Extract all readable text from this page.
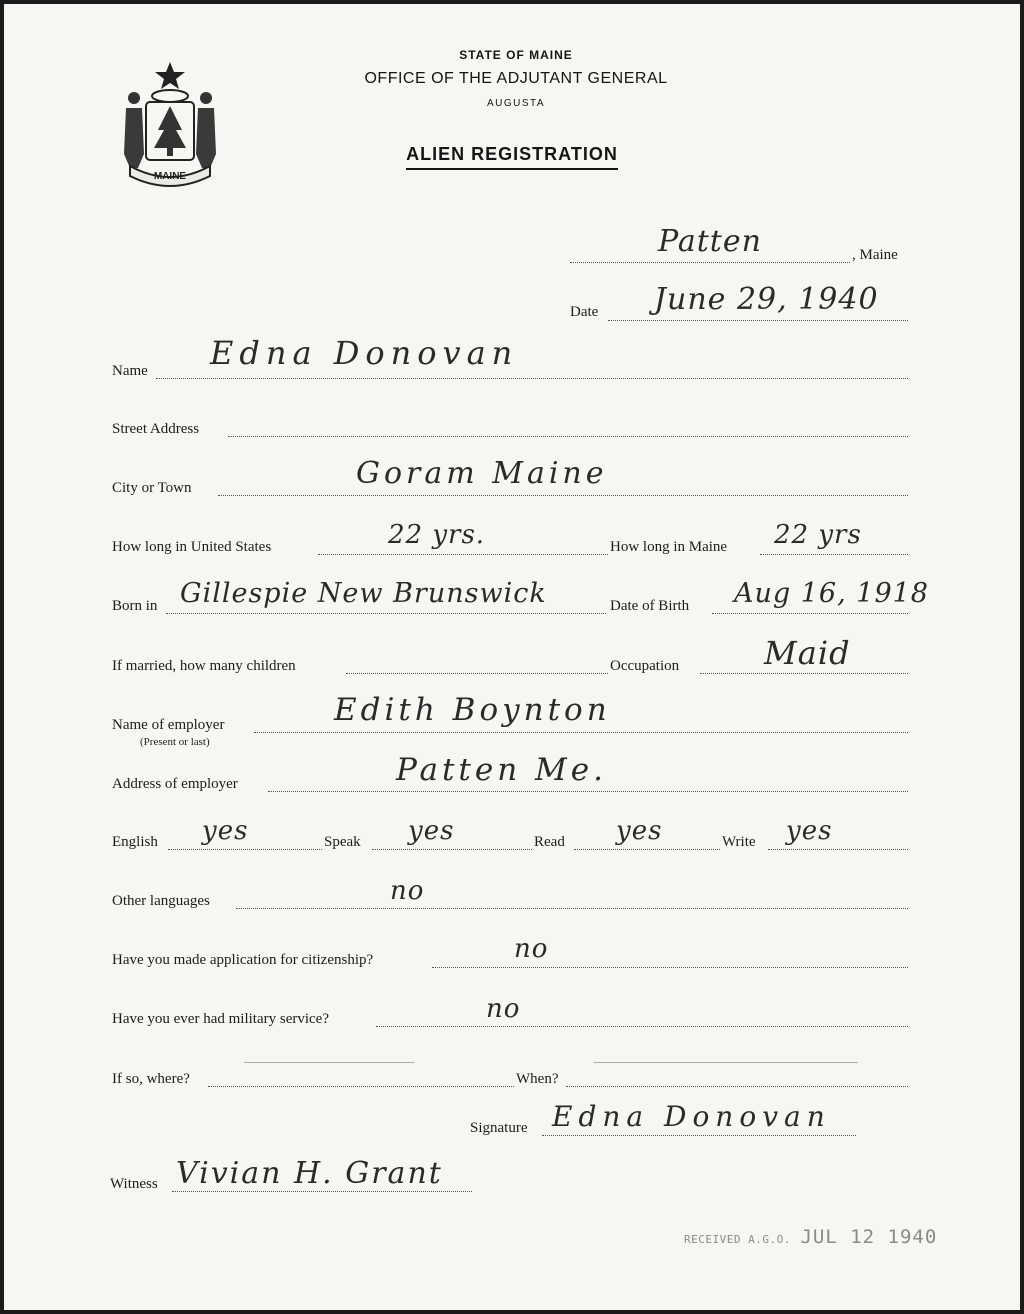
MAINE
STATE OF MAINE
OFFICE OF THE ADJUTANT GENERAL
AUGUSTA
ALIEN REGISTRATION
Patten	, Maine
Date June 29, 1940
Name Edna Donovan
Street Address
City or Town	Goram Maine
How long in United States	22 yrs.	How long in Maine 22 yrs
Born in Gillespie New Brunswick	Date of Birth Aug 16, 1918
If married, how many children	Occupation	Maid
Name of employer
(Present or last)
Edith Boynton
Address of employer	Patten Me.
English yes	Speak yes	Read yes	Write yes
Other languages	no
Have you made application for citizenship?	no
Have you ever had military service?	no
If so, where?	When?
Signature Edna Donovan
Witness Vivian H. Grant
RECEIVED A.G.O. JUL 12 1940
